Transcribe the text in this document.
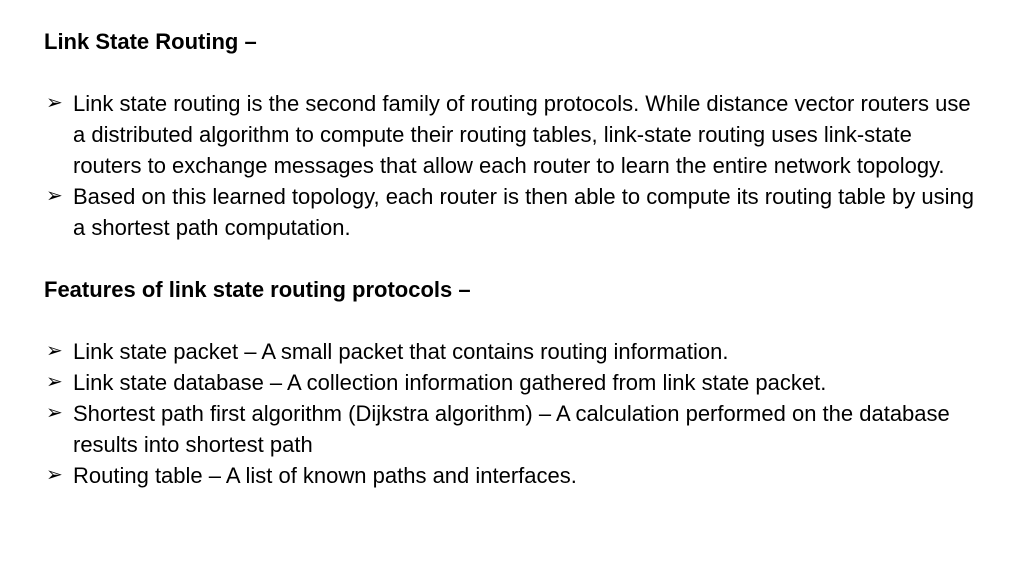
Link State Routing –

➢ Link state routing is the second family of routing protocols. While distance vector routers use a distributed algorithm to compute their routing tables, link-state routing uses link-state routers to exchange messages that allow each router to learn the entire network topology.
➢ Based on this learned topology, each router is then able to compute its routing table by using a shortest path computation.

Features of link state routing protocols –

➢ Link state packet – A small packet that contains routing information.
➢ Link state database – A collection information gathered from link state packet.
➢ Shortest path first algorithm (Dijkstra algorithm) – A calculation performed on the database results into shortest path
➢ Routing table – A list of known paths and interfaces.
